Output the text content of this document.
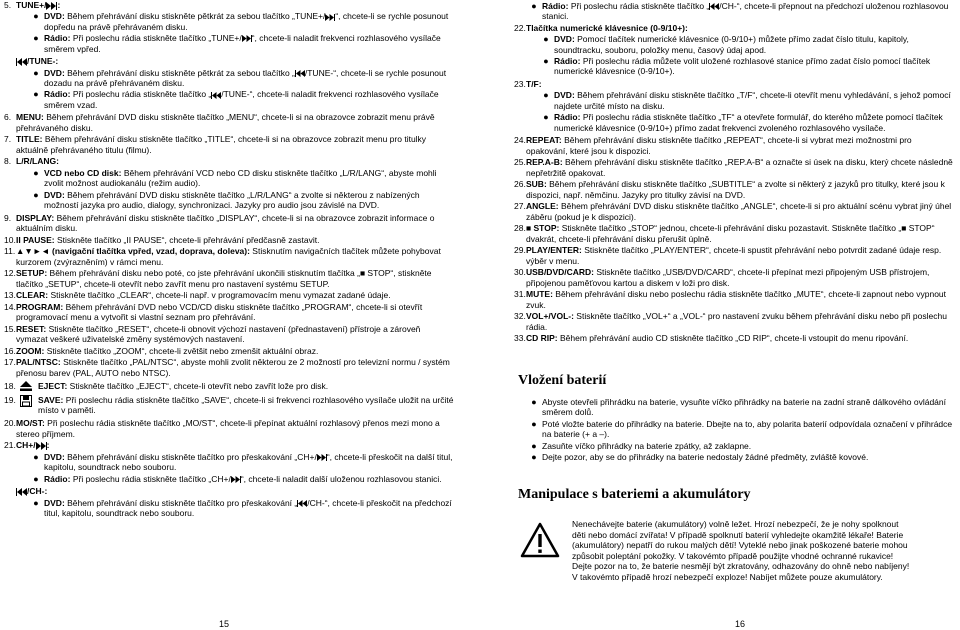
5. TUNE+/ :
● DVD: Během přehrávání disku stiskněte pětkrát za sebou tlačítko „TUNE+/ “, chcete-li se rychle posunout dopředu na právě přehrávaném disku.
● Rádio: Při poslechu rádia stiskněte tlačítko „TUNE+/ “, chcete-li naladit frekvenci rozhlasového vysílače směrem vpřed.
/TUNE-:
● DVD: Během přehrávání disku stiskněte pětkrát za sebou tlačítko „ /TUNE-“, chcete-li se rychle posunout dozadu na právě přehrávaném disku.
● Rádio: Při poslechu rádia stiskněte tlačítko „ /TUNE-“, chcete-li naladit frekvenci rozhlasového vysílače směrem vzad.
6. MENU: Během přehrávání DVD disku stiskněte tlačítko „MENU“, chcete-li si na obrazovce zobrazit menu právě přehrávaného disku.
7. TITLE: Během přehrávání disku stiskněte tlačítko „TITLE“, chcete-li si na obrazovce zobrazit menu pro titulky aktuálně přehrávaného titulu (filmu).
8. L/R/LANG:
● VCD nebo CD disk: Během přehrávání VCD nebo CD disku stiskněte tlačítko „L/R/LANG“, abyste mohli zvolit možnost audiokanálu (režim audio).
● DVD: Během přehrávání DVD disku stiskněte tlačítko „L/R/LANG“ a zvolte si některou z nabízených možností jazyka pro audio, dialogy, synchronizaci. Jazyky pro audio jsou závislé na DVD.
9. DISPLAY: Během přehrávání disku stiskněte tlačítko „DISPLAY“, chcete-li si na obrazovce zobrazit informace o aktuálním disku.
10. II PAUSE: Stiskněte tlačítko „II PAUSE“, chcete-li přehrávání předčasně zastavit.
11. ▲▼►◄ (navigační tlačítka vpřed, vzad, doprava, doleva): Stisknutím navigačních tlačítek můžete pohybovat kurzorem (zvýrazněním) v rámci menu.
12. SETUP: Během přehrávání disku nebo poté, co jste přehrávání ukončili stisknutím tlačítka „■ STOP“, stiskněte tlačítko „SETUP“, chcete-li otevřít nebo zavřít menu pro nastavení systému SETUP.
13. CLEAR: Stiskněte tlačítko „CLEAR“, chcete-li např. v programovacím menu vymazat zadané údaje.
14. PROGRAM: Během přehrávání DVD nebo VCD/CD disku stiskněte tlačítko „PROGRAM“, chcete-li si otevřít programovací menu a vytvořit si vlastní seznam pro přehrávání.
15. RESET: Stiskněte tlačítko „RESET“, chcete-li obnovit výchozí nastavení (přednastavení) přístroje a zároveň vymazat veškeré uživatelské změny systémových nastavení.
16. ZOOM: Stiskněte tlačítko „ZOOM“, chcete-li zvětšit nebo zmenšit aktuální obraz.
17. PAL/NTSC: Stiskněte tlačítko „PAL/NTSC“, abyste mohli zvolit některou ze 2 možností pro televizní normu / systém přenosu barev (PAL, AUTO nebo NTSC).
18.	EJECT: Stiskněte tlačítko „EJECT“, chcete-li otevřít nebo zavřít lože pro disk.
19.	SAVE: Při poslechu rádia stiskněte tlačítko „SAVE“, chcete-li si frekvenci rozhlasového vysílače uložit na určité místo v paměti.
20. MO/ST: Při poslechu rádia stiskněte tlačítko „MO/ST“, chcete-li přepínat aktuální rozhlasový přenos mezi mono a stereo příjmem.
21. CH+/ :
● DVD: Během přehrávání disku stiskněte tlačítko pro přeskakování „CH+/ “, chcete-li přeskočit na další titul, kapitolu, soundtrack nebo souboru.
● Rádio: Při poslechu rádia stiskněte tlačítko „CH+/ “, chcete-li naladit další uloženou rozhlasovou stanici.
/CH-:
● DVD: Během přehrávání disku stiskněte tlačítko pro přeskakování „ /CH-“, chcete-li přeskočit na předchozí titul, kapitolu, soundtrack nebo souboru.
● Rádio: Při poslechu rádia stiskněte tlačítko „ /CH-“, chcete-li přepnout na předchozí uloženou rozhlasovou stanici.
22. Tlačítka numerické klávesnice (0-9/10+):
● DVD: Pomocí tlačítek numerické klávesnice (0-9/10+) můžete přímo zadat číslo titulu, kapitoly, soundtracku, souboru, položky menu, časový údaj apod.
● Rádio: Při poslechu rádia můžete volit uložené rozhlasové stanice přímo zadat číslo pomocí tlačítek numerické klávesnice (0-9/10+).
23. T/F:
● DVD: Během přehrávání disku stiskněte tlačítko „T/F“, chcete-li otevřít menu vyhledávání, s jehož pomocí najdete určité místo na disku.
● Rádio: Při poslechu rádia stiskněte tlačítko „TF“ a otevřete formulář, do kterého můžete pomocí tlačítek numerické klávesnice (0-9/10+) přímo zadat frekvenci zvoleného rozhlasového vysílače.
24. REPEAT: Během přehrávání disku stiskněte tlačítko „REPEAT“, chcete-li si vybrat mezi možnostmi pro opakování, které jsou k dispozici.
25. REP.A-B: Během přehrávání disku stiskněte tlačítko „REP.A-B“ a označte si úsek na disku, který chcete následně nepřetržitě opakovat.
26. SUB: Během přehrávání disku stiskněte tlačítko „SUBTITLE“ a zvolte si některý z jazyků pro titulky, které jsou k dispozici, např. němčinu. Jazyky pro titulky závisí na DVD.
27. ANGLE: Během přehrávání DVD disku stiskněte tlačítko „ANGLE“, chcete-li si pro aktuální scénu vybrat jiný úhel záběru (pokud je k dispozici).
28. ■ STOP: Stiskněte tlačítko „STOP“ jednou, chcete-li přehrávání disku pozastavit. Stiskněte tlačítko „■ STOP“ dvakrát, chcete-li přehrávání disku přerušit úplně.
29. PLAY/ENTER: Stiskněte tlačítko „PLAY/ENTER“, chcete-li spustit přehrávání nebo potvrdit zadané údaje resp. výběr v menu.
30. USB/DVD/CARD: Stiskněte tlačítko „USB/DVD/CARD“, chcete-li přepínat mezi připojeným USB přístrojem, připojenou paměťovou kartou a diskem v loži pro disk.
31. MUTE: Během přehrávání disku nebo poslechu rádia stiskněte tlačítko „MUTE“, chcete-li zapnout nebo vypnout zvuk.
32. VOL+/VOL-: Stiskněte tlačítko „VOL+“ a „VOL-“ pro nastavení zvuku během přehrávání disku nebo při poslechu rádia.
33. CD RIP: Během přehrávání audio CD stiskněte tlačítko „CD RIP“, chcete-li vstoupit do menu ripování.
Vložení baterií
● Abyste otevřeli přihrádku na baterie, vysuňte víčko přihrádky na baterie na zadní straně dálkového ovládání směrem dolů.
● Poté vložte baterie do přihrádky na baterie. Dbejte na to, aby polarita baterií odpovídala označení v přihrádce na baterie (+ a –).
● Zasuňte víčko přihrádky na baterie zpátky, až zaklapne.
● Dejte pozor, aby se do přihrádky na baterie nedostaly žádné předměty, zvláště kovové.
Manipulace s bateriemi a akumulátory
Nenechávejte baterie (akumulátory) volně ležet. Hrozí nebezpečí, že je nohy spolknout děti nebo domácí zvířata! V případě spolknutí baterií vyhledejte okamžitě lékaře! Baterie (akumulátory) nepatří do rukou malých dětí! Vyteklé nebo jinak poškozené baterie mohou způsobit poleptání pokožky. V takovémto případě použijte vhodné ochranné rukavice! Dejte pozor na to, že baterie nesmějí být zkratovány, odhazovány do ohně nebo nabíjeny! V takovémto případě hrozí nebezpečí exploze! Nabíjet můžete pouze akumulátory.
15	16
